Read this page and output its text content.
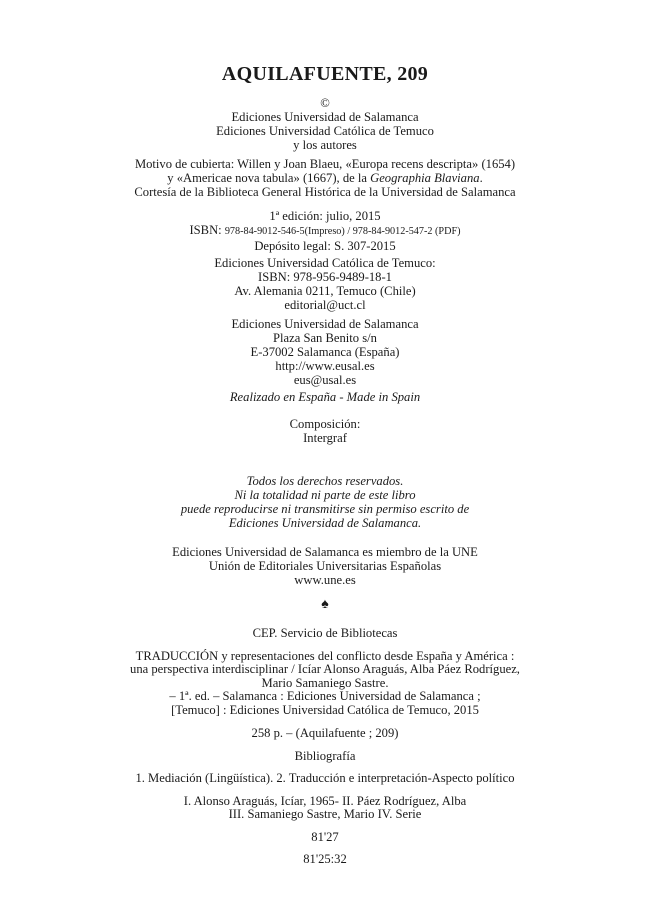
AQUILAFUENTE, 209
©
Ediciones Universidad de Salamanca
Ediciones Universidad Católica de Temuco
y los autores
Motivo de cubierta: Willen y Joan Blaeu, «Europa recens descripta» (1654)
y «Americae nova tabula» (1667), de la Geographia Blaviana.
Cortesía de la Biblioteca General Histórica de la Universidad de Salamanca
1ª edición: julio, 2015
ISBN: 978-84-9012-546-5(Impreso) / 978-84-9012-547-2 (PDF)
Depósito legal: S. 307-2015
Ediciones Universidad Católica de Temuco:
ISBN: 978-956-9489-18-1
Av. Alemania 0211, Temuco (Chile)
editorial@uct.cl
Ediciones Universidad de Salamanca
Plaza San Benito s/n
E-37002 Salamanca (España)
http://www.eusal.es
eus@usal.es
Realizado en España - Made in Spain
Composición:
Intergraf
Todos los derechos reservados.
Ni la totalidad ni parte de este libro
puede reproducirse ni transmitirse sin permiso escrito de
Ediciones Universidad de Salamanca.
Ediciones Universidad de Salamanca es miembro de la UNE
Unión de Editoriales Universitarias Españolas
www.une.es
♠
CEP. Servicio de Bibliotecas
TRADUCCIÓN y representaciones del conflicto desde España y América :
una perspectiva interdisciplinar / Icíar Alonso Araguás, Alba Páez Rodríguez,
Mario Samaniego Sastre.
– 1ª. ed. – Salamanca : Ediciones Universidad de Salamanca ;
[Temuco] : Ediciones Universidad Católica de Temuco, 2015
258 p. – (Aquilafuente ; 209)
Bibliografía
1. Mediación (Lingüística). 2. Traducción e interpretación-Aspecto político
I. Alonso Araguás, Icíar, 1965- II. Páez Rodríguez, Alba
III. Samaniego Sastre, Mario IV. Serie
81'27
81'25:32
